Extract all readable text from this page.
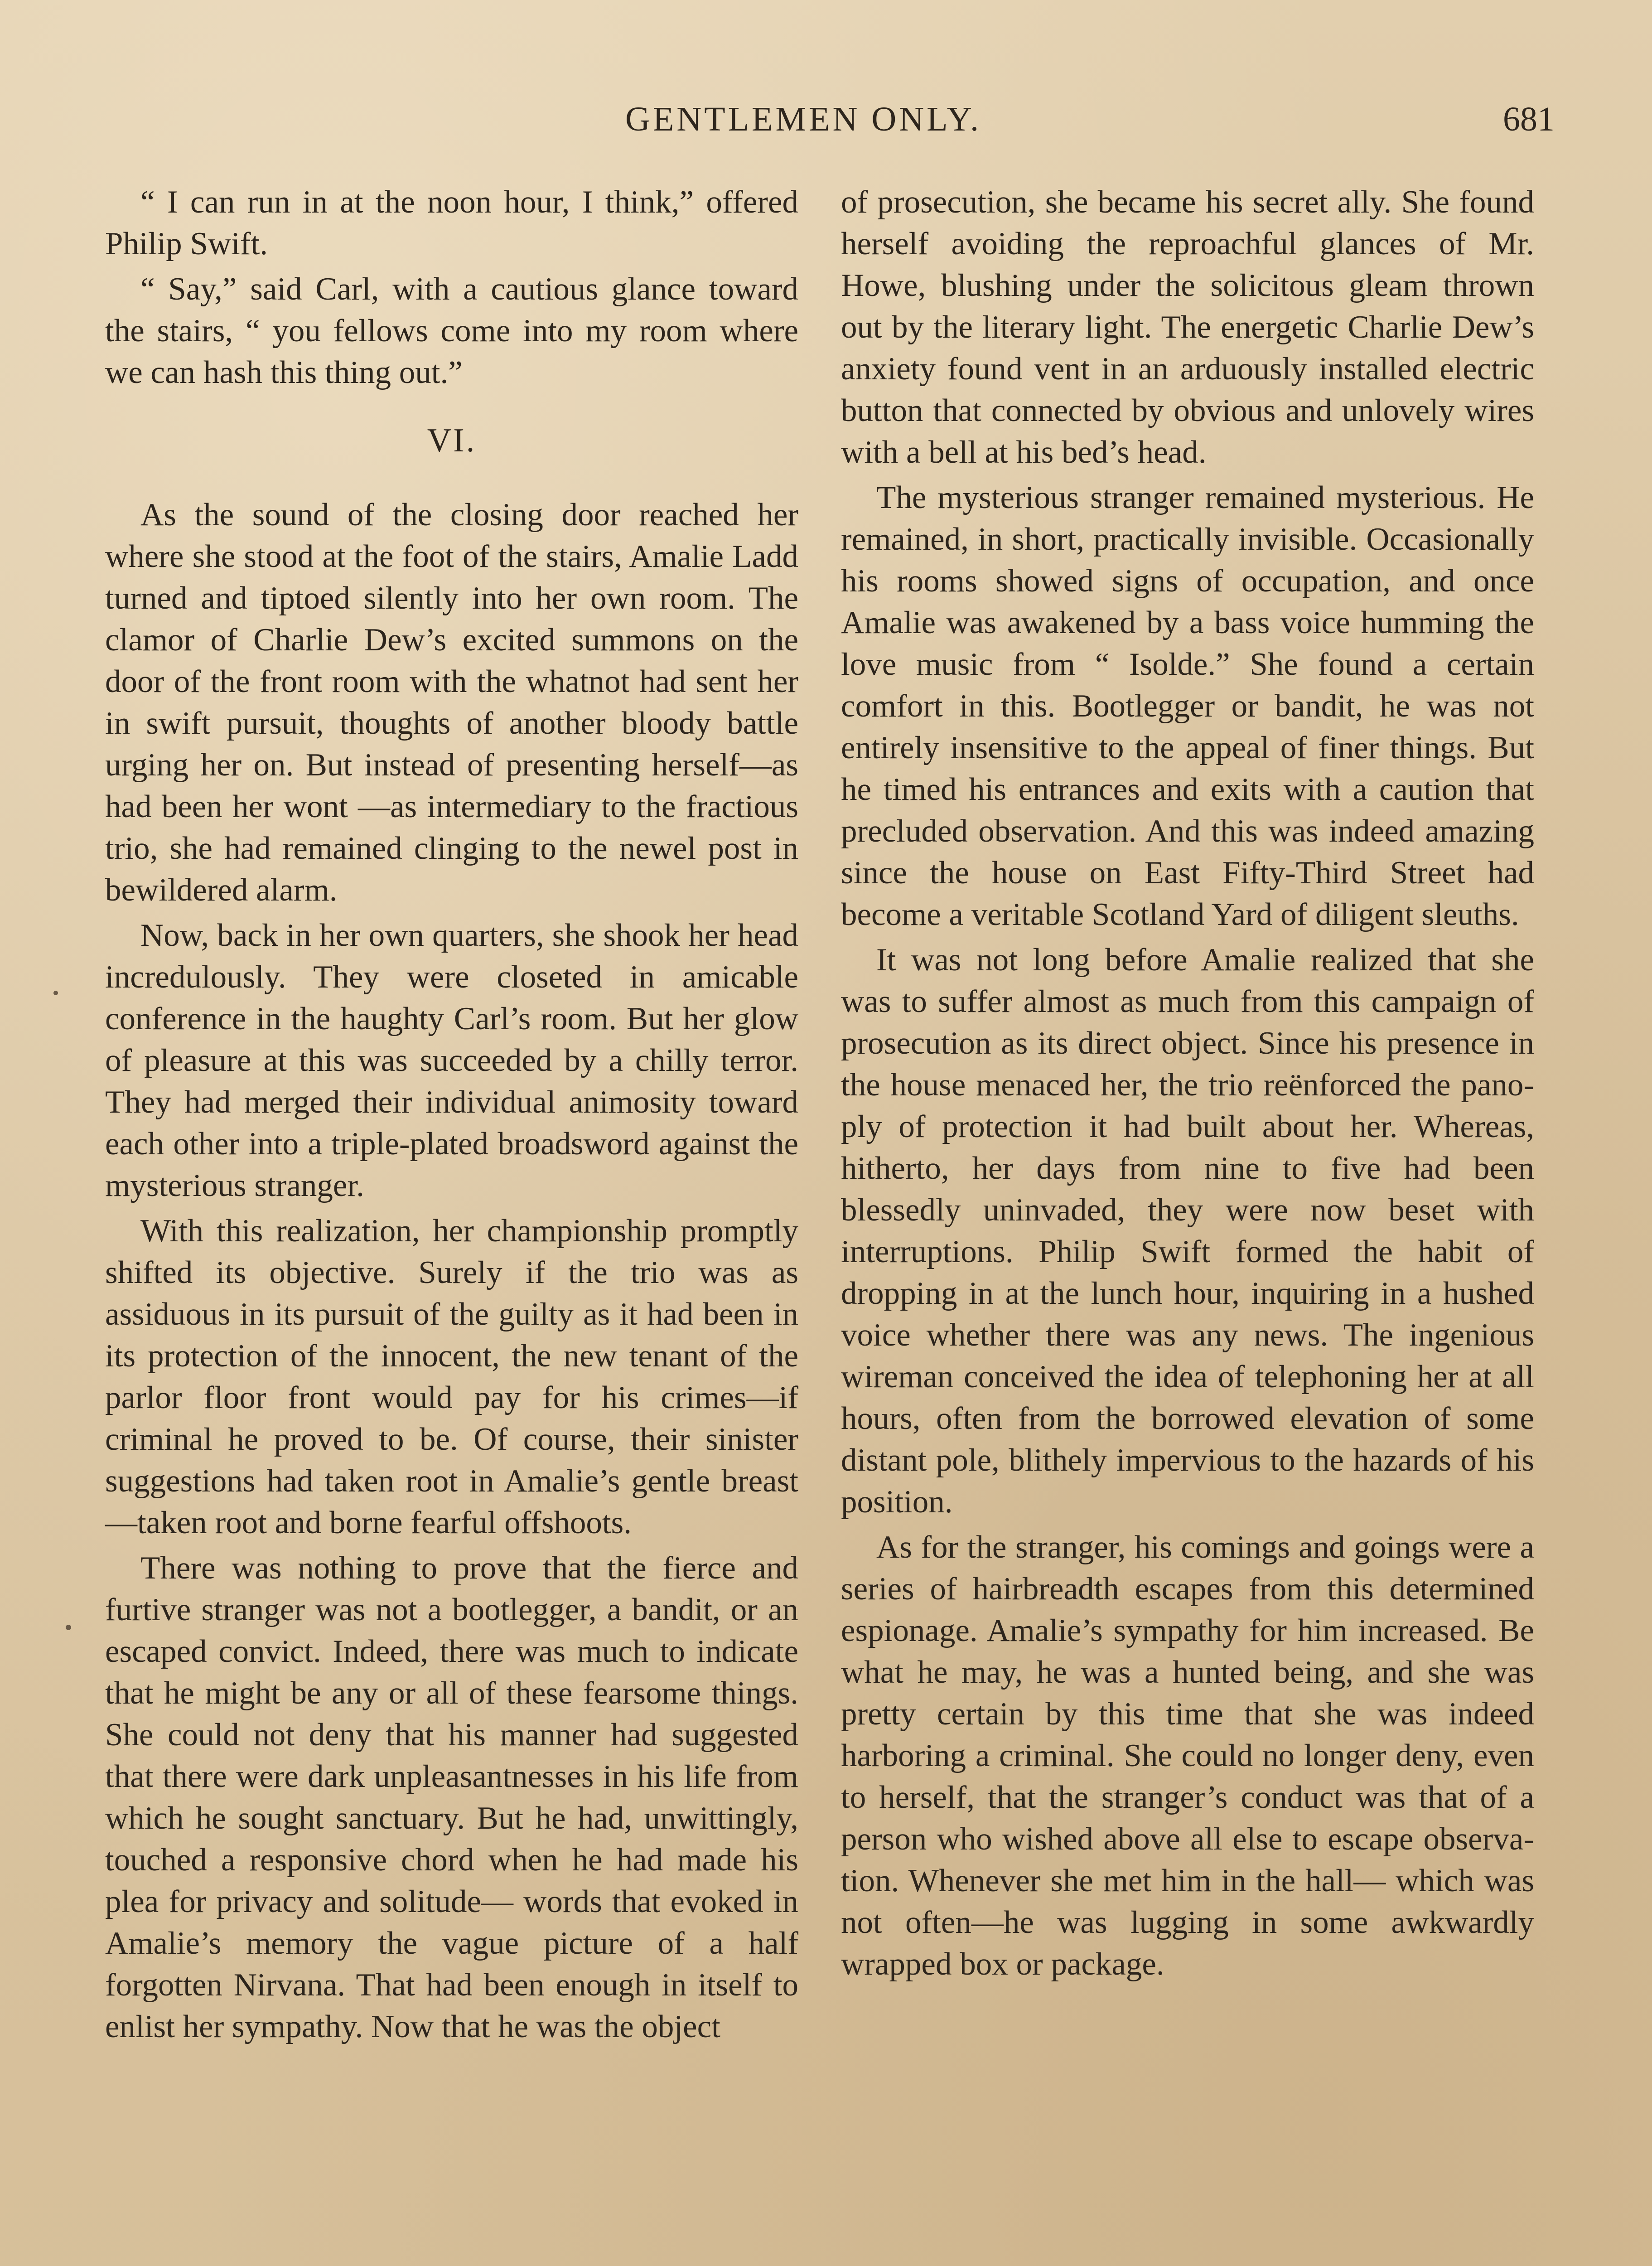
GENTLEMEN ONLY.	681

“ I can run in at the noon hour, I think,” offered Philip Swift.

“ Say,” said Carl, with a cautious glance toward the stairs, “ you fellows come into my room where we can hash this thing out.”

VI.

As the sound of the closing door reached her where she stood at the foot of the stairs, Amalie Ladd turned and tiptoed silently into her own room. The clamor of Charlie Dew’s excited summons on the door of the front room with the whatnot had sent her in swift pursuit, thoughts of another bloody battle urging her on. But instead of presenting herself—as had been her wont —as intermediary to the fractious trio, she had remained clinging to the newel post in bewildered alarm.

Now, back in her own quarters, she shook her head incredulously. They were closeted in amicable conference in the haughty Carl’s room. But her glow of pleasure at this was succeeded by a chilly terror. They had merged their individual animosity toward each other into a triple-plated broadsword against the mysterious stranger.

With this realization, her championship promptly shifted its objective. Surely if the trio was as assiduous in its pursuit of the guilty as it had been in its protection of the innocent, the new tenant of the parlor floor front would pay for his crimes—if criminal he proved to be. Of course, their sinister suggestions had taken root in Amalie’s gentle breast—taken root and borne fearful offshoots.

There was nothing to prove that the fierce and furtive stranger was not a bootlegger, a bandit, or an escaped convict. Indeed, there was much to indicate that he might be any or all of these fearsome things. She could not deny that his manner had suggested that there were dark unpleasantnesses in his life from which he sought sanctuary. But he had, unwittingly, touched a responsive chord when he had made his plea for privacy and solitude— words that evoked in Amalie’s memory the vague picture of a half forgotten Nirvana. That had been enough in itself to enlist her sympathy. Now that he was the object

of prosecution, she became his secret ally. She found herself avoiding the reproachful glances of Mr. Howe, blushing under the solicitous gleam thrown out by the literary light. The energetic Charlie Dew’s anxiety found vent in an arduously installed electric button that connected by obvious and unlovely wires with a bell at his bed’s head.

The mysterious stranger remained mysterious. He remained, in short, practically invisible. Occasionally his rooms showed signs of occupation, and once Amalie was awakened by a bass voice humming the love music from “ Isolde.” She found a certain comfort in this. Bootlegger or bandit, he was not entirely insensitive to the appeal of finer things. But he timed his entrances and exits with a caution that precluded observation. And this was indeed amazing since the house on East Fifty-Third Street had become a veritable Scotland Yard of diligent sleuths.

It was not long before Amalie realized that she was to suffer almost as much from this campaign of prosecution as its direct object. Since his presence in the house menaced her, the trio reënforced the panoply of protection it had built about her. Whereas, hitherto, her days from nine to five had been blessedly uninvaded, they were now beset with interruptions. Philip Swift formed the habit of dropping in at the lunch hour, inquiring in a hushed voice whether there was any news. The ingenious wireman conceived the idea of telephoning her at all hours, often from the borrowed elevation of some distant pole, blithely impervious to the hazards of his position.

As for the stranger, his comings and goings were a series of hairbreadth escapes from this determined espionage. Amalie’s sympathy for him increased. Be what he may, he was a hunted being, and she was pretty certain by this time that she was indeed harboring a criminal. She could no longer deny, even to herself, that the stranger’s conduct was that of a person who wished above all else to escape observation. Whenever she met him in the hall— which was not often—he was lugging in some awkwardly wrapped box or package.
